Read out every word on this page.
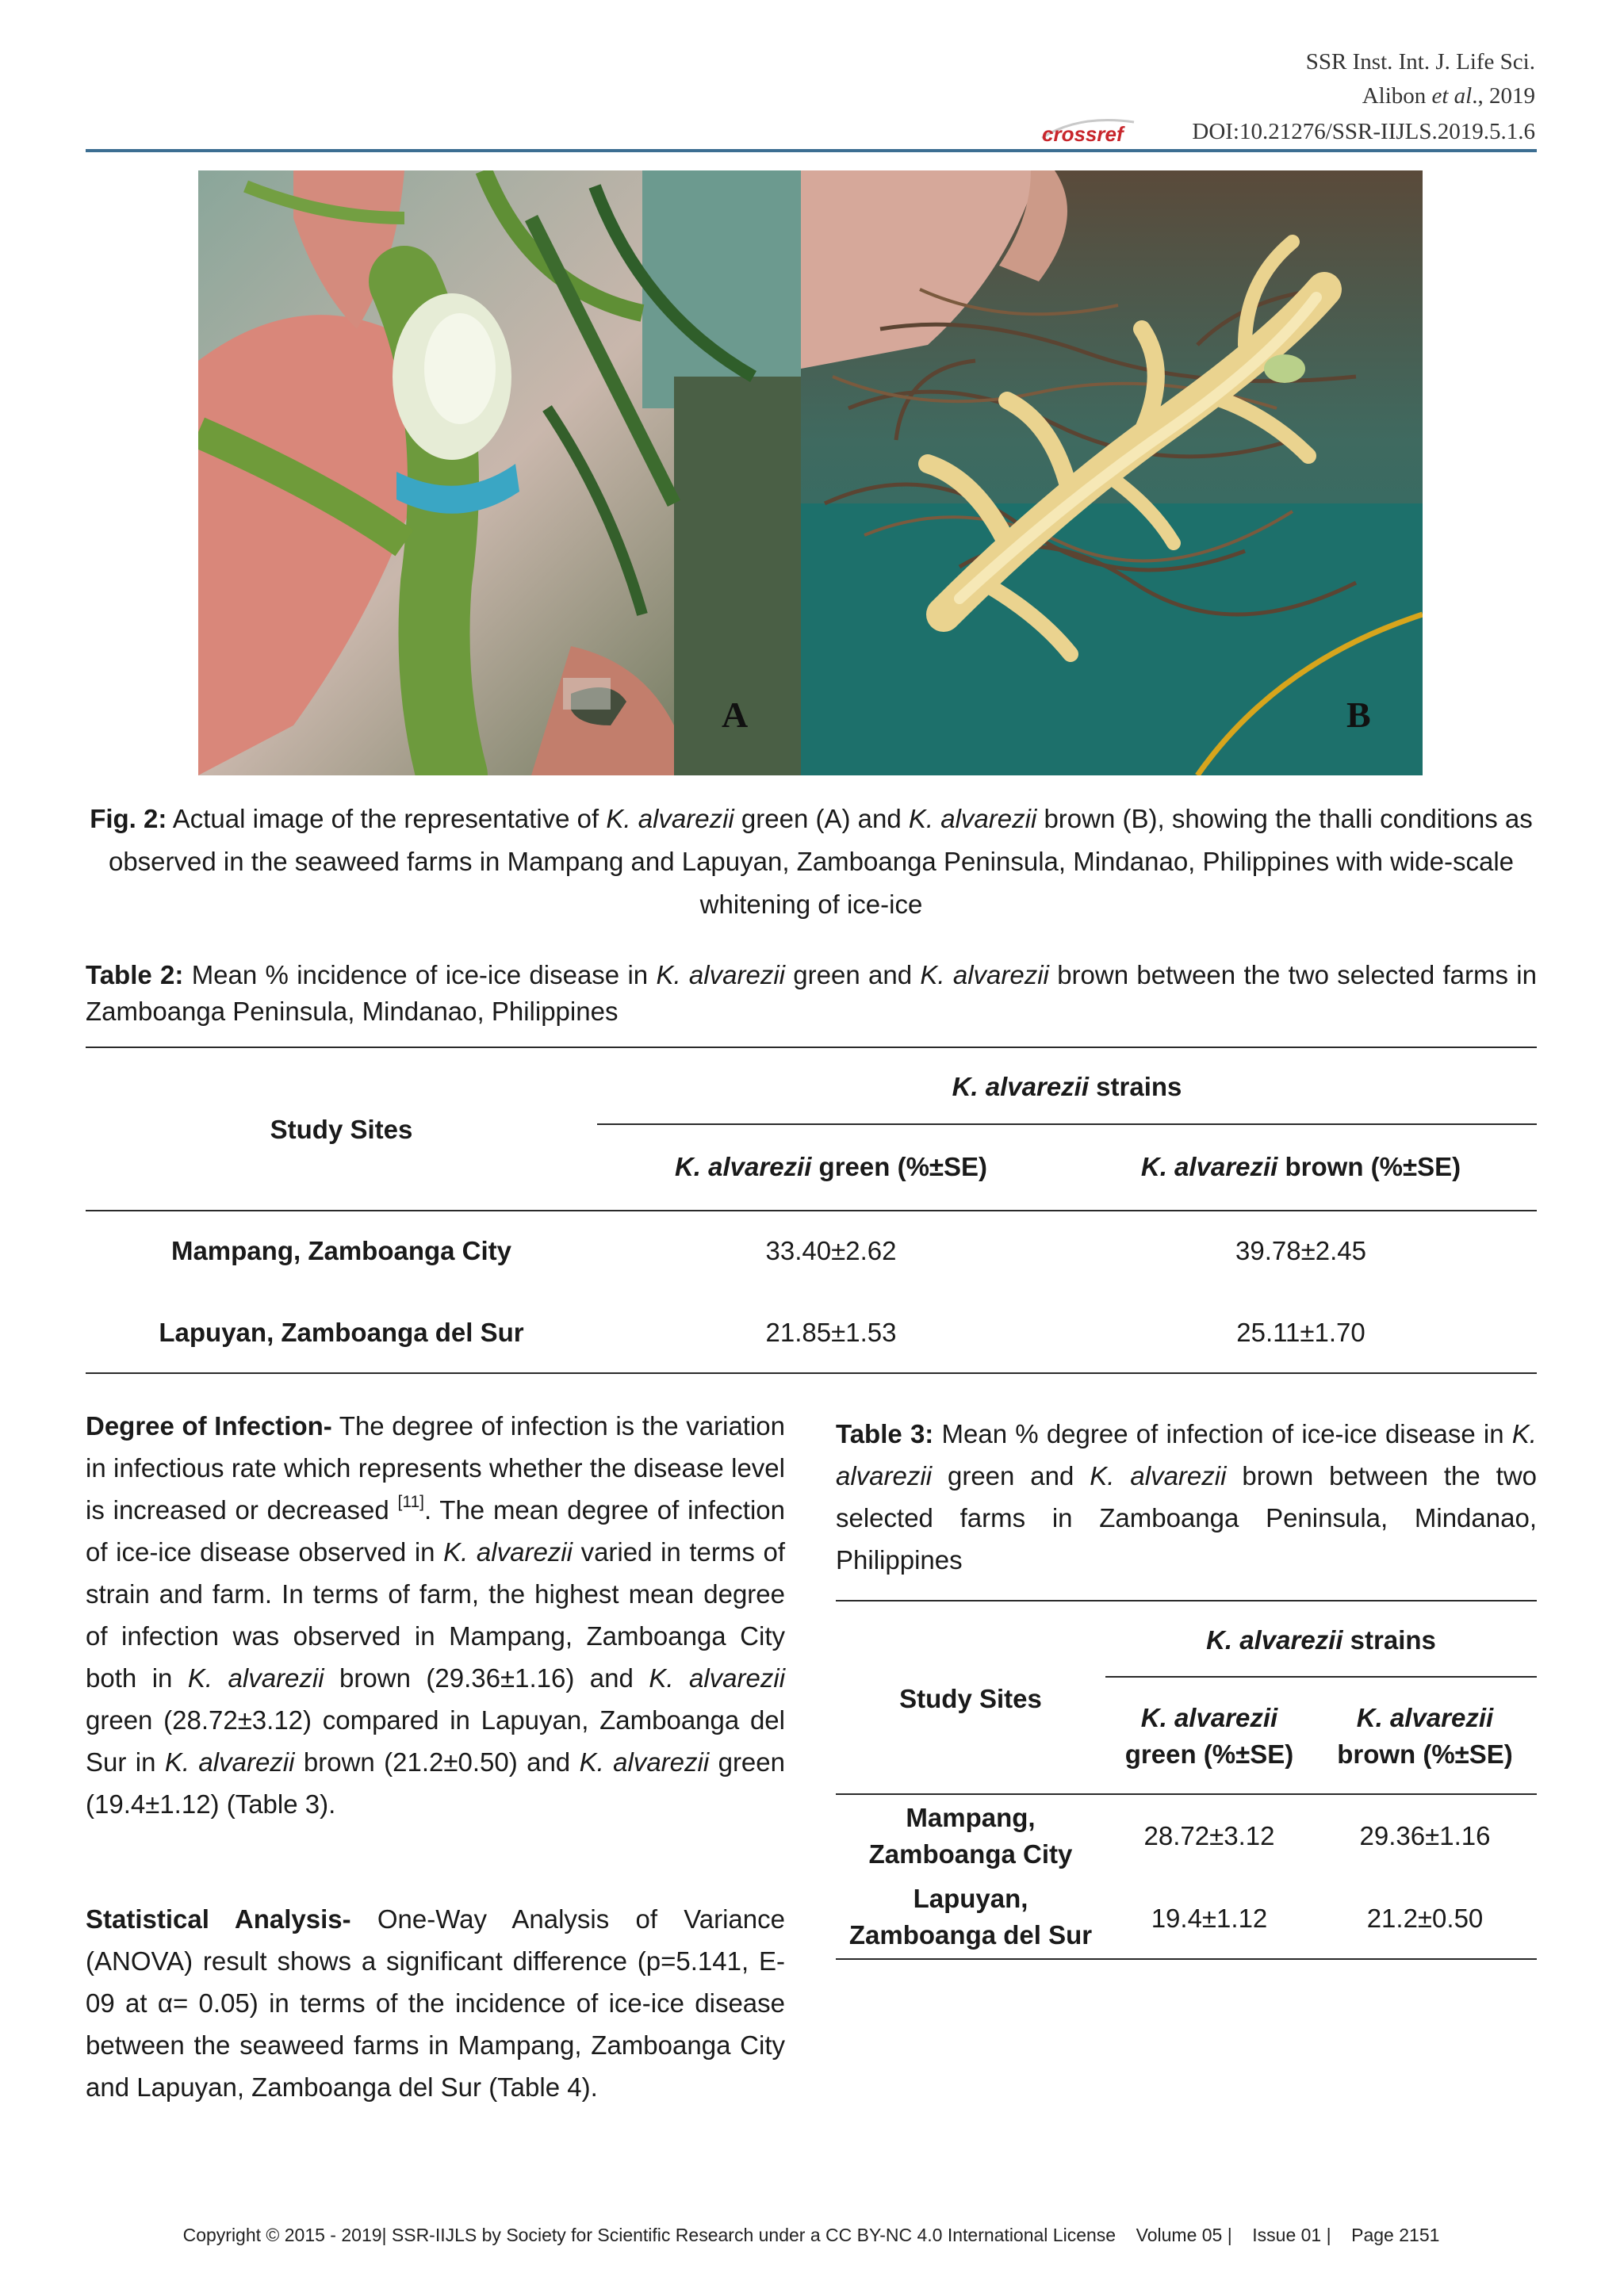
SSR Inst. Int. J. Life Sci.
Alibon et al., 2019
DOI:10.21276/SSR-IIJLS.2019.5.1.6
crossref
A	B
Fig. 2: Actual image of the representative of K. alvarezii green (A) and K. alvarezii brown (B), showing the thalli conditions as observed in the seaweed farms in Mampang and Lapuyan, Zamboanga Peninsula, Mindanao, Philippines with wide-scale whitening of ice-ice
Table 2: Mean % incidence of ice-ice disease in K. alvarezii green and K. alvarezii brown between the two selected farms in Zamboanga Peninsula, Mindanao, Philippines
Study Sites
K. alvarezii strains
K. alvarezii green (%±SE)	K. alvarezii brown (%±SE)
Mampang, Zamboanga City	33.40±2.62	39.78±2.45
Lapuyan, Zamboanga del Sur	21.85±1.53	25.11±1.70
Degree of Infection- The degree of infection is the variation in infectious rate which represents whether the disease level is increased or decreased [11]. The mean degree of infection of ice-ice disease observed in K. alvarezii varied in terms of strain and farm. In terms of farm, the highest mean degree of infection was observed in Mampang, Zamboanga City both in K. alvarezii brown (29.36±1.16) and K. alvarezii green (28.72±3.12) compared in Lapuyan, Zamboanga del Sur in K. alvarezii brown (21.2±0.50) and K. alvarezii green (19.4±1.12) (Table 3).
Statistical Analysis- One-Way Analysis of Variance (ANOVA) result shows a significant difference (p=5.141, E-09 at α= 0.05) in terms of the incidence of ice-ice disease between the seaweed farms in Mampang, Zamboanga City and Lapuyan, Zamboanga del Sur (Table 4).
Table 3: Mean % degree of infection of ice-ice disease in K. alvarezii green and K. alvarezii brown between the two selected farms in Zamboanga Peninsula, Mindanao, Philippines
Study Sites
K. alvarezii strains
K. alvarezii
green (%±SE)
K. alvarezii
brown (%±SE)
Mampang,
Zamboanga City
28.72±3.12	29.36±1.16
Lapuyan,
Zamboanga del Sur
19.4±1.12	21.2±0.50
Copyright © 2015 - 2019| SSR-IIJLS by Society for Scientific Research under a CC BY-NC 4.0 International License    Volume 05 |    Issue 01 |    Page 2151
